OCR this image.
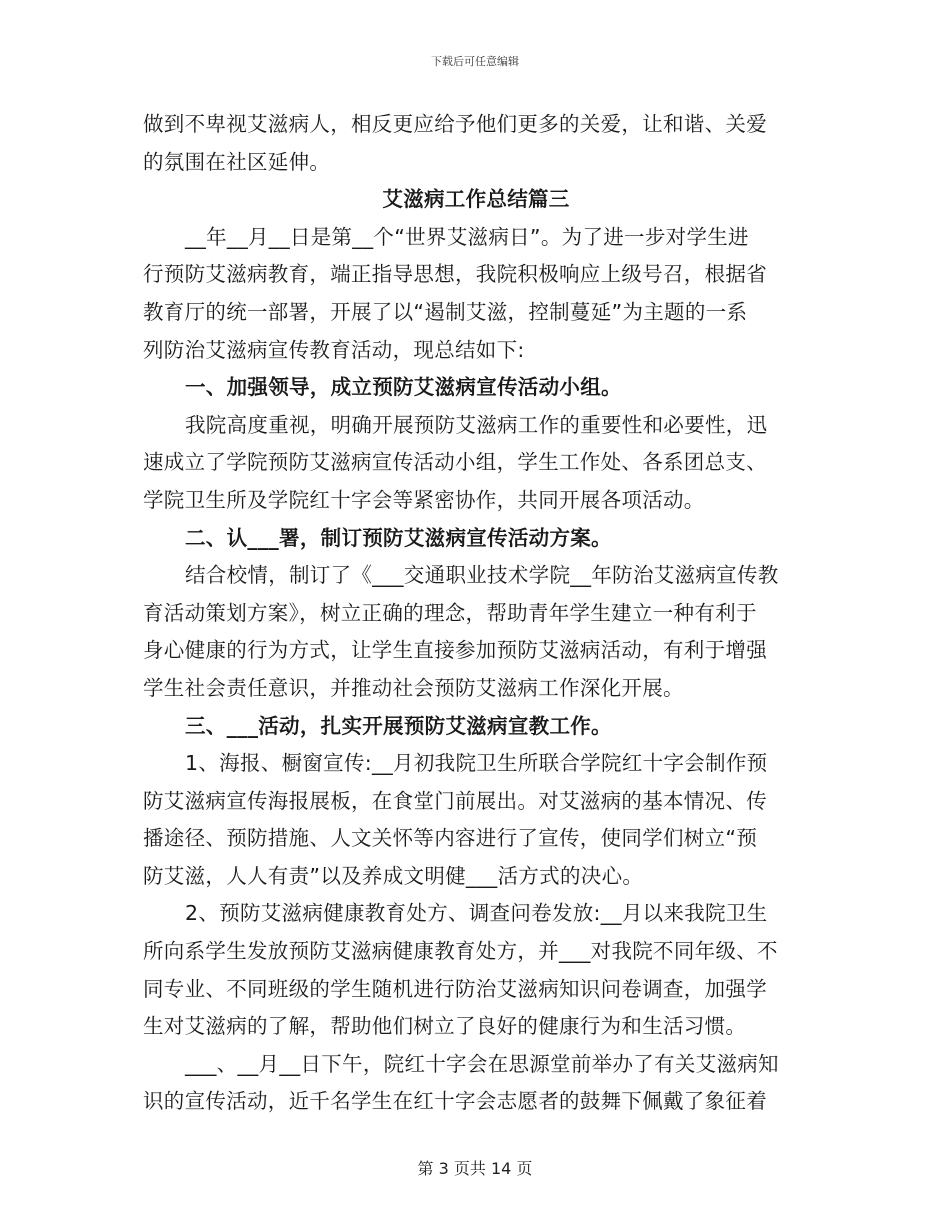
下载后可任意编辑
做到不卑视艾滋病人，相反更应给予他们更多的关爱，让和谐、关爱
的氛围在社区延伸。
艾滋病工作总结篇三
__年__月__日是第__个“世界艾滋病日”。为了进一步对学生进
行预防艾滋病教育，端正指导思想，我院积极响应上级号召，根据省
教育厅的统一部署，开展了以“遏制艾滋，控制蔓延”为主题的一系
列防治艾滋病宣传教育活动，现总结如下:
一、加强领导，成立预防艾滋病宣传活动小组。
我院高度重视，明确开展预防艾滋病工作的重要性和必要性，迅
速成立了学院预防艾滋病宣传活动小组，学生工作处、各系团总支、
学院卫生所及学院红十字会等紧密协作，共同开展各项活动。
二、认___署，制订预防艾滋病宣传活动方案。
结合校情，制订了《___交通职业技术学院__年防治艾滋病宣传教
育活动策划方案》，树立正确的理念，帮助青年学生建立一种有利于
身心健康的行为方式，让学生直接参加预防艾滋病活动，有利于增强
学生社会责任意识，并推动社会预防艾滋病工作深化开展。
三、___活动，扎实开展预防艾滋病宣教工作。
1、海报、橱窗宣传:__月初我院卫生所联合学院红十字会制作预
防艾滋病宣传海报展板，在食堂门前展出。对艾滋病的基本情况、传
播途径、预防措施、人文关怀等内容进行了宣传，使同学们树立“预
防艾滋，人人有责”以及养成文明健___活方式的决心。
2、预防艾滋病健康教育处方、调查问卷发放:__月以来我院卫生
所向系学生发放预防艾滋病健康教育处方，并___对我院不同年级、不
同专业、不同班级的学生随机进行防治艾滋病知识问卷调查，加强学
生对艾滋病的了解，帮助他们树立了良好的健康行为和生活习惯。
___、__月__日下午，院红十字会在思源堂前举办了有关艾滋病知
识的宣传活动，近千名学生在红十字会志愿者的鼓舞下佩戴了象征着
第 3 页共 14 页
